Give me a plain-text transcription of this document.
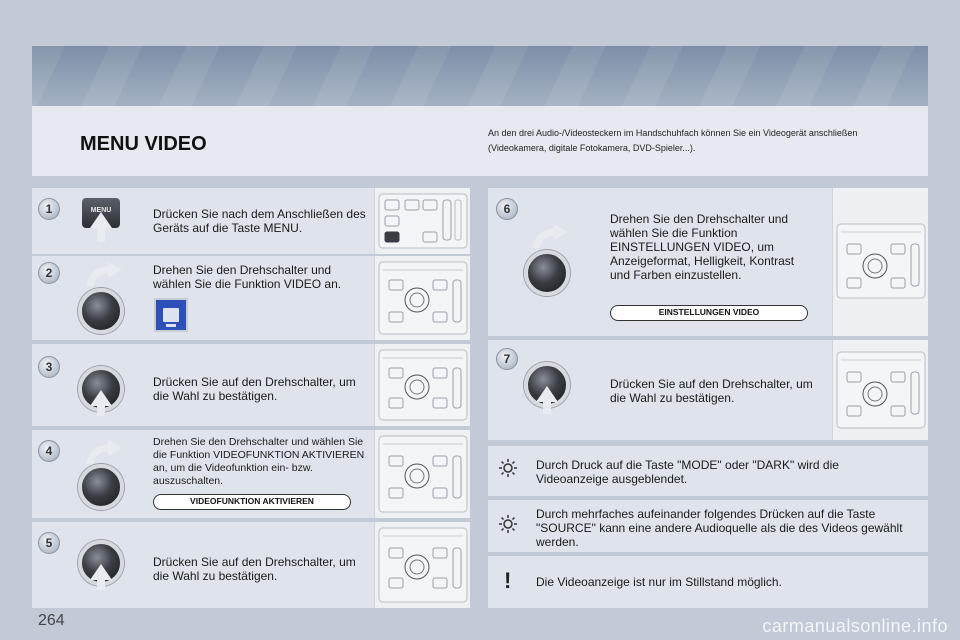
MENU VIDEO	An den drei Audio-/Videosteckern im Handschuhfach können Sie ein Videogerät anschließen (Videokamera, digitale Fotokamera, DVD-Spieler...).
1	MENU	Drücken Sie nach dem Anschließen des Geräts auf die Taste MENU.
2	Drehen Sie den Drehschalter und wählen Sie die Funktion VIDEO an.
3
Drücken Sie auf den Drehschalter, um die Wahl zu bestätigen.
4
Drehen Sie den Drehschalter und wählen Sie die Funktion VIDEOFUNKTION AKTIVIEREN an, um die Videofunktion ein- bzw. auszuschalten.
VIDEOFUNKTION AKTIVIEREN
5
Drücken Sie auf den Drehschalter, um die Wahl zu bestätigen.
6
Drehen Sie den Drehschalter und wählen Sie die Funktion EINSTELLUNGEN VIDEO, um Anzeigeformat, Helligkeit, Kontrast und Farben einzustellen.
EINSTELLUNGEN VIDEO
7
Drücken Sie auf den Drehschalter, um die Wahl zu bestätigen.
Durch Druck auf die Taste "MODE" oder "DARK" wird die Videoanzeige ausgeblendet.
Durch mehrfaches aufeinander folgendes Drücken auf die Taste "SOURCE" kann eine andere Audioquelle als die des Videos gewählt werden.
! Die Videoanzeige ist nur im Stillstand möglich.
264	carmanualsonline.info
